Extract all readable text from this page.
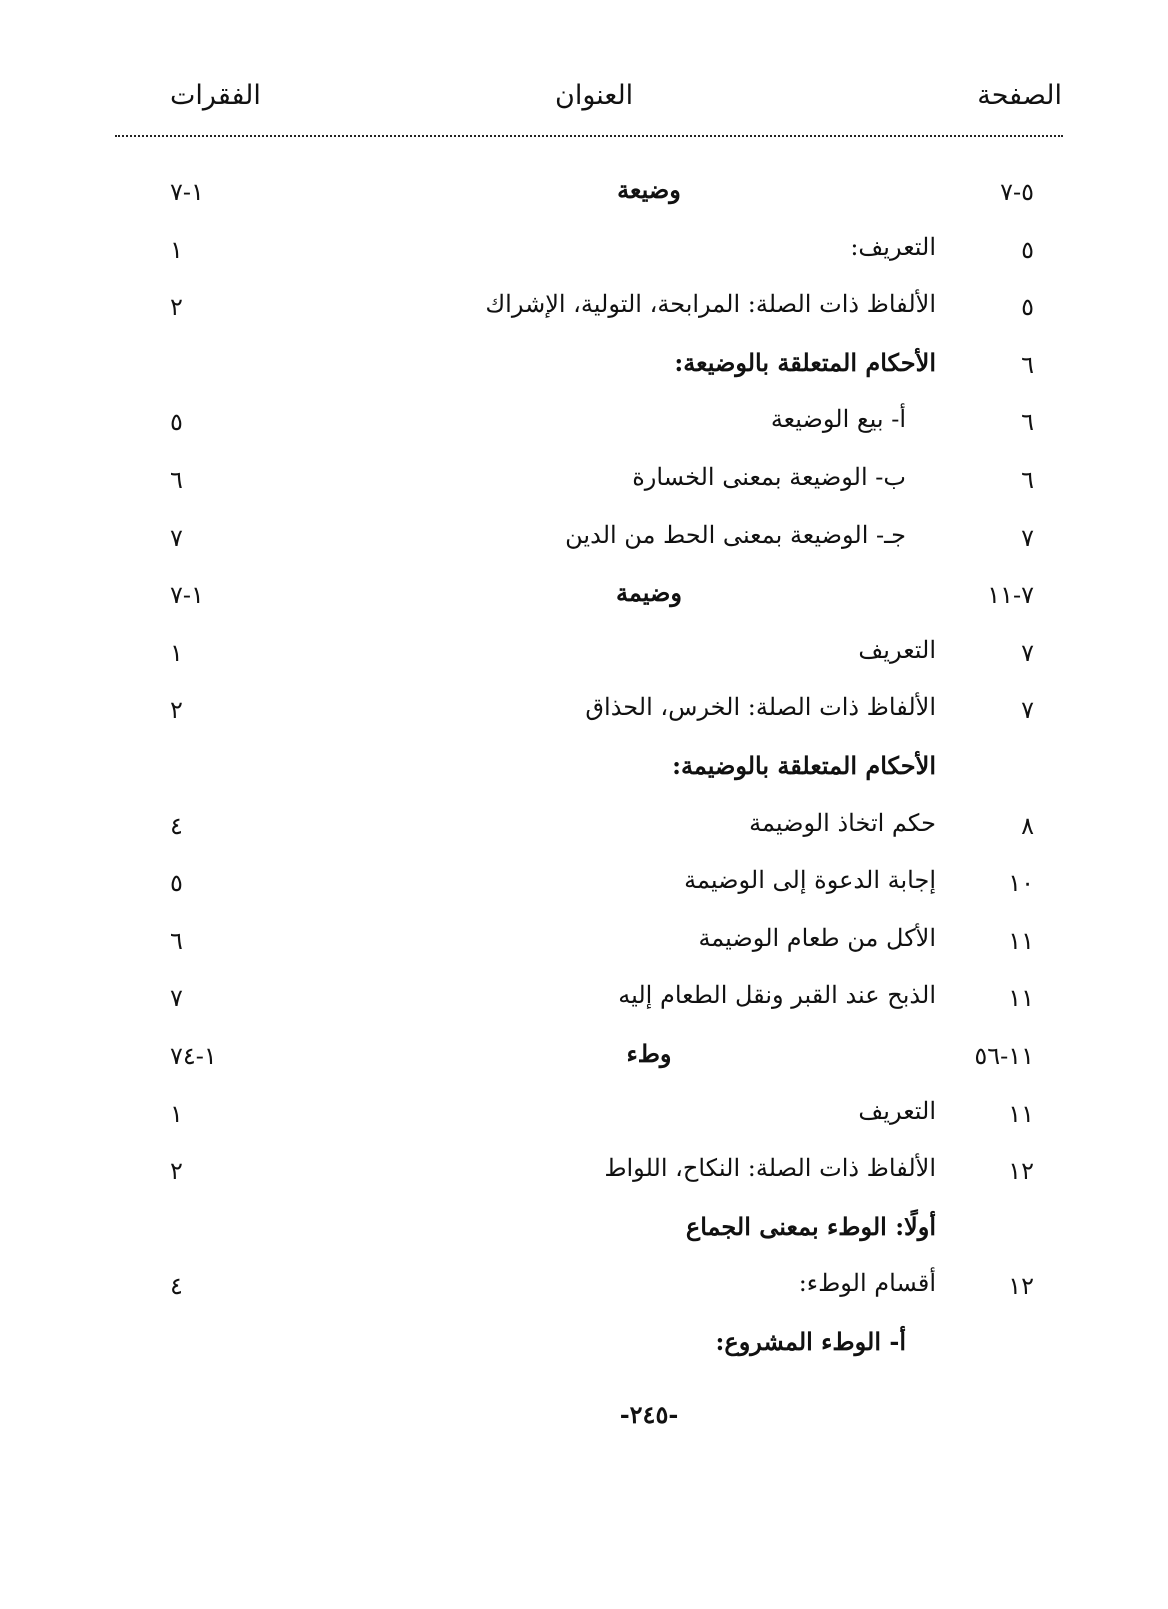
الصفحة
العنوان
الفقرات
٥-٧
وضيعة
١-٧
٥
التعريف:
١
٥
الألفاظ ذات الصلة: المرابحة، التولية، الإشراك
٢
٦
الأحكام المتعلقة بالوضيعة:
٦
أ- بيع الوضيعة
٥
٦
ب- الوضيعة بمعنى الخسارة
٦
٧
جـ- الوضيعة بمعنى الحط من الدين
٧
٧-١١
وضيمة
١-٧
٧
التعريف
١
٧
الألفاظ ذات الصلة: الخرس، الحذاق
٢
الأحكام المتعلقة بالوضيمة:
٨
حكم اتخاذ الوضيمة
٤
١٠
إجابة الدعوة إلى الوضيمة
٥
١١
الأكل من طعام الوضيمة
٦
١١
الذبح عند القبر ونقل الطعام إليه
٧
١١-٥٦
وطء
١-٧٤
١١
التعريف
١
١٢
الألفاظ ذات الصلة: النكاح، اللواط
٢
أولًا: الوطء بمعنى الجماع
١٢
أقسام الوطء:
٤
أ- الوطء المشروع:
-٢٤٥-
